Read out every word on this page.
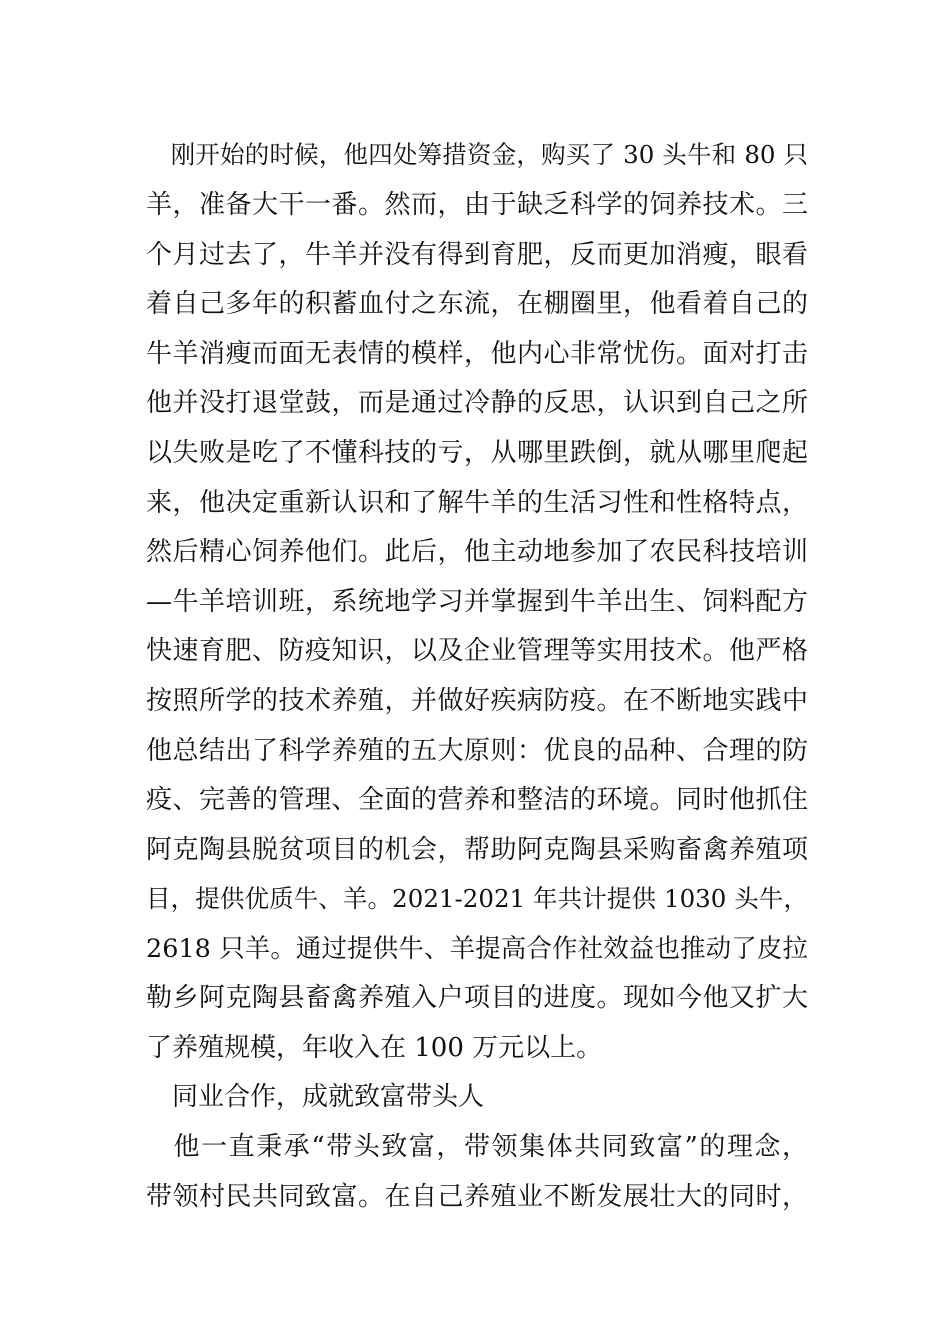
　刚开始的时候，他四处筹措资金，购买了 30 头牛和 80 只

羊，准备大干一番。然而，由于缺乏科学的饲养技术。三

个月过去了，牛羊并没有得到育肥，反而更加消瘦，眼看

着自己多年的积蓄血付之东流，在棚圈里，他看着自己的

牛羊消瘦而面无表情的模样，他内心非常忧伤。面对打击

他并没打退堂鼓，而是通过冷静的反思，认识到自己之所

以失败是吃了不懂科技的亏，从哪里跌倒，就从哪里爬起

来，他决定重新认识和了解牛羊的生活习性和性格特点，

然后精心饲养他们。此后，他主动地参加了农民科技培训

—牛羊培训班，系统地学习并掌握到牛羊出生、饲料配方

快速育肥、防疫知识，以及企业管理等实用技术。他严格

按照所学的技术养殖，并做好疾病防疫。在不断地实践中

他总结出了科学养殖的五大原则：优良的品种、合理的防

疫、完善的管理、全面的营养和整洁的环境。同时他抓住

阿克陶县脱贫项目的机会，帮助阿克陶县采购畜禽养殖项

目，提供优质牛、羊。2021-2021 年共计提供 1030 头牛，

2618 只羊。通过提供牛、羊提高合作社效益也推动了皮拉

勒乡阿克陶县畜禽养殖入户项目的进度。现如今他又扩大

了养殖规模，年收入在 100 万元以上。

　同业合作，成就致富带头人

　他一直秉承“带头致富，带领集体共同致富”的理念，

带领村民共同致富。在自己养殖业不断发展壮大的同时，
